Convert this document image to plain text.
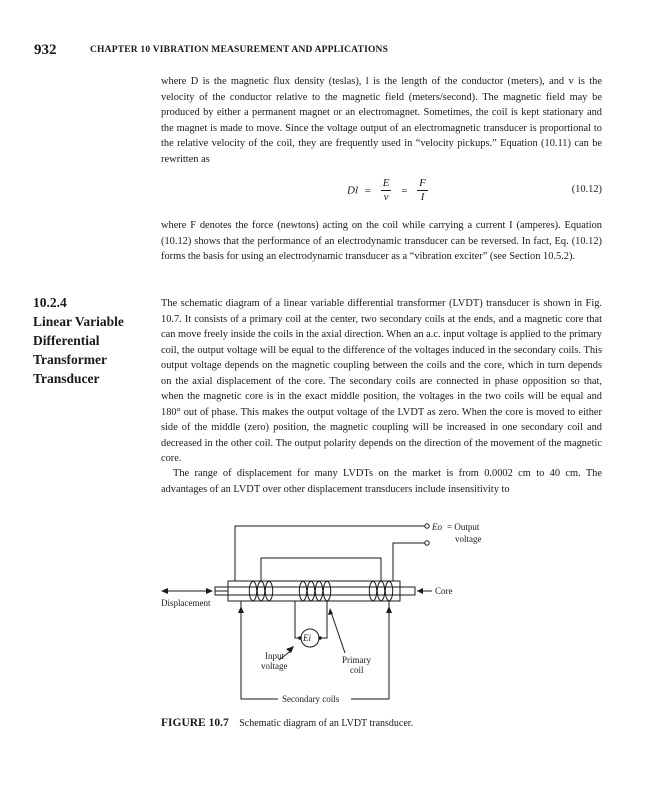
932	CHAPTER 10 VIBRATION MEASUREMENT AND APPLICATIONS

where D is the magnetic flux density (teslas), l is the length of the conductor (meters), and v is the velocity of the conductor relative to the magnetic field (meters/second). The magnetic field may be produced by either a permanent magnet or an electromagnet. Sometimes, the coil is kept stationary and the magnet is made to move. Since the voltage output of an electromagnetic transducer is proportional to the relative velocity of the coil, they are frequently used in “velocity pickups.” Equation (10.11) can be rewritten as

$Dl = \frac{E}{v} = \frac{F}{I}$	(10.12)

where F denotes the force (newtons) acting on the coil while carrying a current I (amperes). Equation (10.12) shows that the performance of an electrodynamic transducer can be reversed. In fact, Eq. (10.12) forms the basis for using an electrodynamic transducer as a “vibration exciter” (see Section 10.5.2).

10.2.4
Linear Variable Differential Transformer Transducer

The schematic diagram of a linear variable differential transformer (LVDT) transducer is shown in Fig. 10.7. It consists of a primary coil at the center, two secondary coils at the ends, and a magnetic core that can move freely inside the coils in the axial direction. When an a.c. input voltage is applied to the primary coil, the output voltage will be equal to the difference of the voltages induced in the secondary coils. This output voltage depends on the magnetic coupling between the coils and the core, which in turn depends on the axial displacement of the core. The secondary coils are connected in phase opposition so that, when the magnetic core is in the exact middle position, the voltages in the two coils will be equal and 180° out of phase. This makes the output voltage of the LVDT as zero. When the core is moved to either side of the middle (zero) position, the magnetic coupling will be increased in one secondary coil and decreased in the other coil. The output polarity depends on the direction of the movement of the magnetic core.

The range of displacement for many LVDTs on the market is from 0.0002 cm to 40 cm. The advantages of an LVDT over other displacement transducers include insensitivity to

Eo = Output
voltage
Core
Displacement
Ei
Input
voltage
Primary
coil
Secondary coils
FIGURE 10.7 Schematic diagram of an LVDT transducer.
